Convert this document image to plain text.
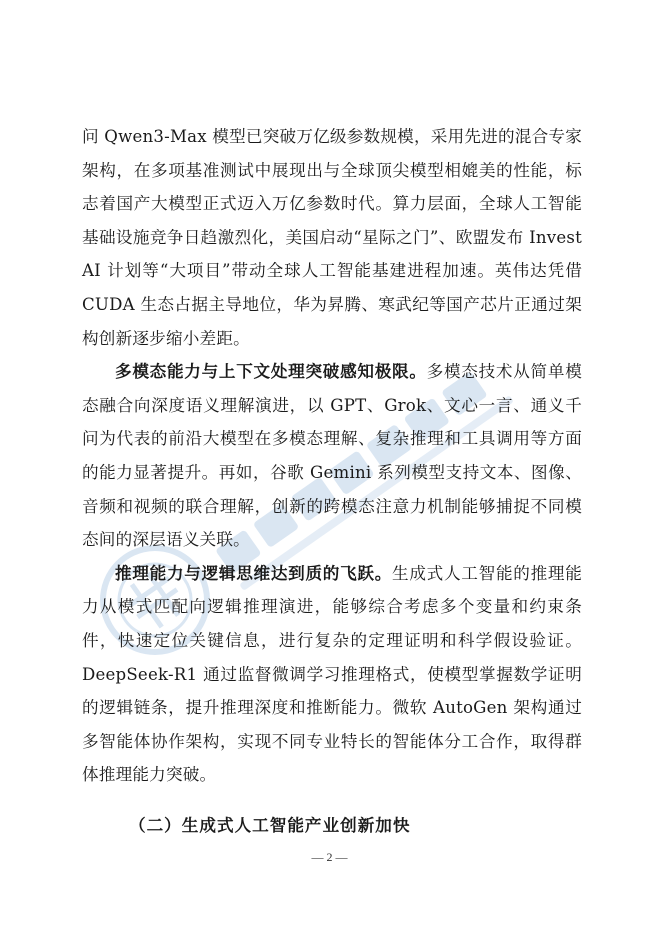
问 Qwen3-Max 模型已突破万亿级参数规模，采用先进的混合专家架构，在多项基准测试中展现出与全球顶尖模型相媲美的性能，标志着国产大模型正式迈入万亿参数时代。算力层面，全球人工智能基础设施竞争日趋激烈化，美国启动“星际之门”、欧盟发布 Invest AI 计划等“大项目”带动全球人工智能基建进程加速。英伟达凭借 CUDA 生态占据主导地位，华为昇腾、寒武纪等国产芯片正通过架构创新逐步缩小差距。

多模态能力与上下文处理突破感知极限。多模态技术从简单模态融合向深度语义理解演进，以 GPT、Grok、文心一言、通义千问为代表的前沿大模型在多模态理解、复杂推理和工具调用等方面的能力显著提升。再如，谷歌 Gemini 系列模型支持文本、图像、音频和视频的联合理解，创新的跨模态注意力机制能够捕捉不同模态间的深层语义关联。

推理能力与逻辑思维达到质的飞跃。生成式人工智能的推理能力从模式匹配向逻辑推理演进，能够综合考虑多个变量和约束条件，快速定位关键信息，进行复杂的定理证明和科学假设验证。DeepSeek-R1 通过监督微调学习推理格式，使模型掌握数学证明的逻辑链条，提升推理深度和推断能力。微软 AutoGen 架构通过多智能体协作架构，实现不同专业特长的智能体分工合作，取得群体推理能力突破。

（二）生成式人工智能产业创新加快
— 2 —
